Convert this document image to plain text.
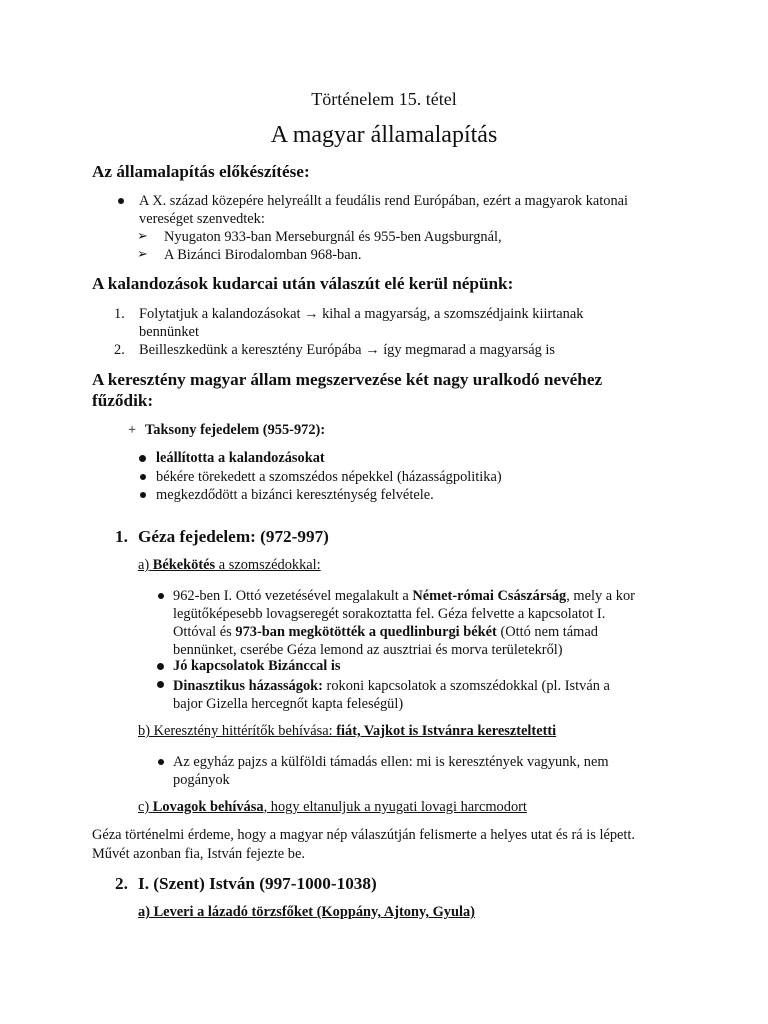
Történelem 15. tétel
A magyar államalapítás
Az államalapítás előkészítése:
A X. század közepére helyreállt a feudális rend Európában, ezért a magyarok katonai
vereséget szenvedtek:
➢ Nyugaton 933-ban Merseburgnál és 955-ben Augsburgnál,
➢ A Bizánci Birodalomban 968-ban.
A kalandozások kudarcai után válaszút elé kerül népünk:
1. Folytatjuk a kalandozásokat → kihal a magyarság, a szomszédjaink kiirtanak
bennünket
2. Beilleszkedünk a keresztény Európába → így megmarad a magyarság is
A keresztény magyar állam megszervezése két nagy uralkodó nevéhez
fűződik:
+ Taksony fejedelem (955-972):
leállította a kalandozásokat
békére törekedett a szomszédos népekkel (házasságpolitika)
megkezdődött a bizánci kereszténység felvétele.
1. Géza fejedelem: (972-997)
a) Békekötés a szomszédokkal:
962-ben I. Ottó vezetésével megalakult a Német-római Császárság, mely a kor
legütőképesebb lovagseregét sorakoztatta fel. Géza felvette a kapcsolatot I.
Ottóval és 973-ban megkötötték a quedlinburgi békét (Ottó nem támad
bennünket, cserébe Géza lemond az ausztriai és morva területekről)
Jó kapcsolatok Bizánccal is
Dinasztikus házasságok: rokoni kapcsolatok a szomszédokkal (pl. István a
bajor Gizella hercegnőt kapta feleségül)
b) Keresztény hittérítők behívása: fiát, Vajkot is Istvánra kereszteltetti
Az egyház pajzs a külföldi támadás ellen: mi is keresztények vagyunk, nem
pogányok
c) Lovagok behívása, hogy eltanuljuk a nyugati lovagi harcmodort
Géza történelmi érdeme, hogy a magyar nép válaszútján felismerte a helyes utat és rá is lépett.
Művét azonban fia, István fejezte be.
2. I. (Szent) István (997-1000-1038)
a) Leveri a lázadó törzsfőket (Koppány, Ajtony, Gyula)
